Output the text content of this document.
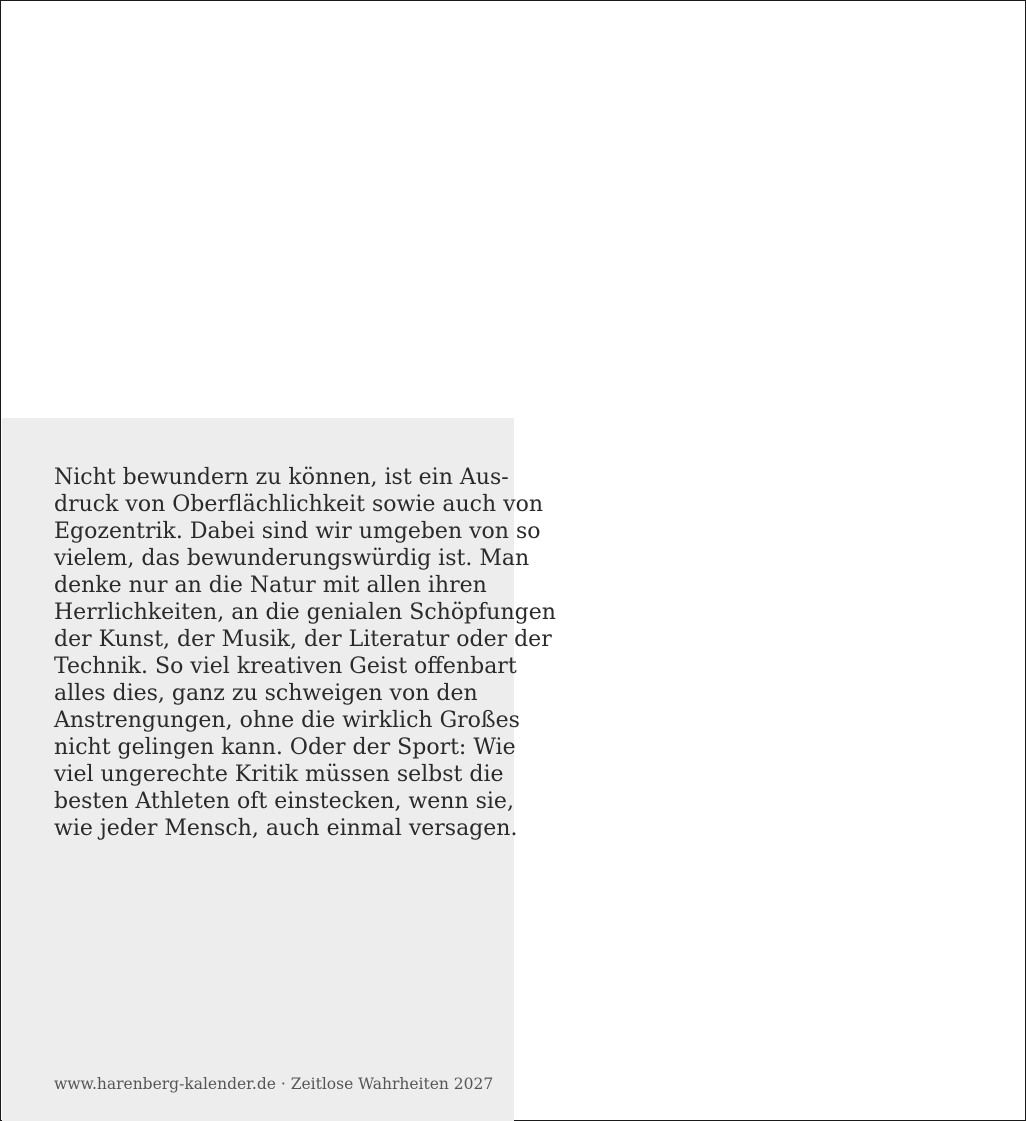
Nicht bewundern zu können, ist ein Aus-
druck von Oberflächlichkeit sowie auch von
Egozentrik. Dabei sind wir umgeben von so
vielem, das bewunderungswürdig ist. Man
denke nur an die Natur mit allen ihren
Herrlichkeiten, an die genialen Schöpfungen
der Kunst, der Musik, der Literatur oder der
Technik. So viel kreativen Geist offenbart
alles dies, ganz zu schweigen von den
Anstrengungen, ohne die wirklich Großes
nicht gelingen kann. Oder der Sport: Wie
viel ungerechte Kritik müssen selbst die
besten Athleten oft einstecken, wenn sie,
wie jeder Mensch, auch einmal versagen.

www.harenberg-kalender.de · Zeitlose Wahrheiten 2027
